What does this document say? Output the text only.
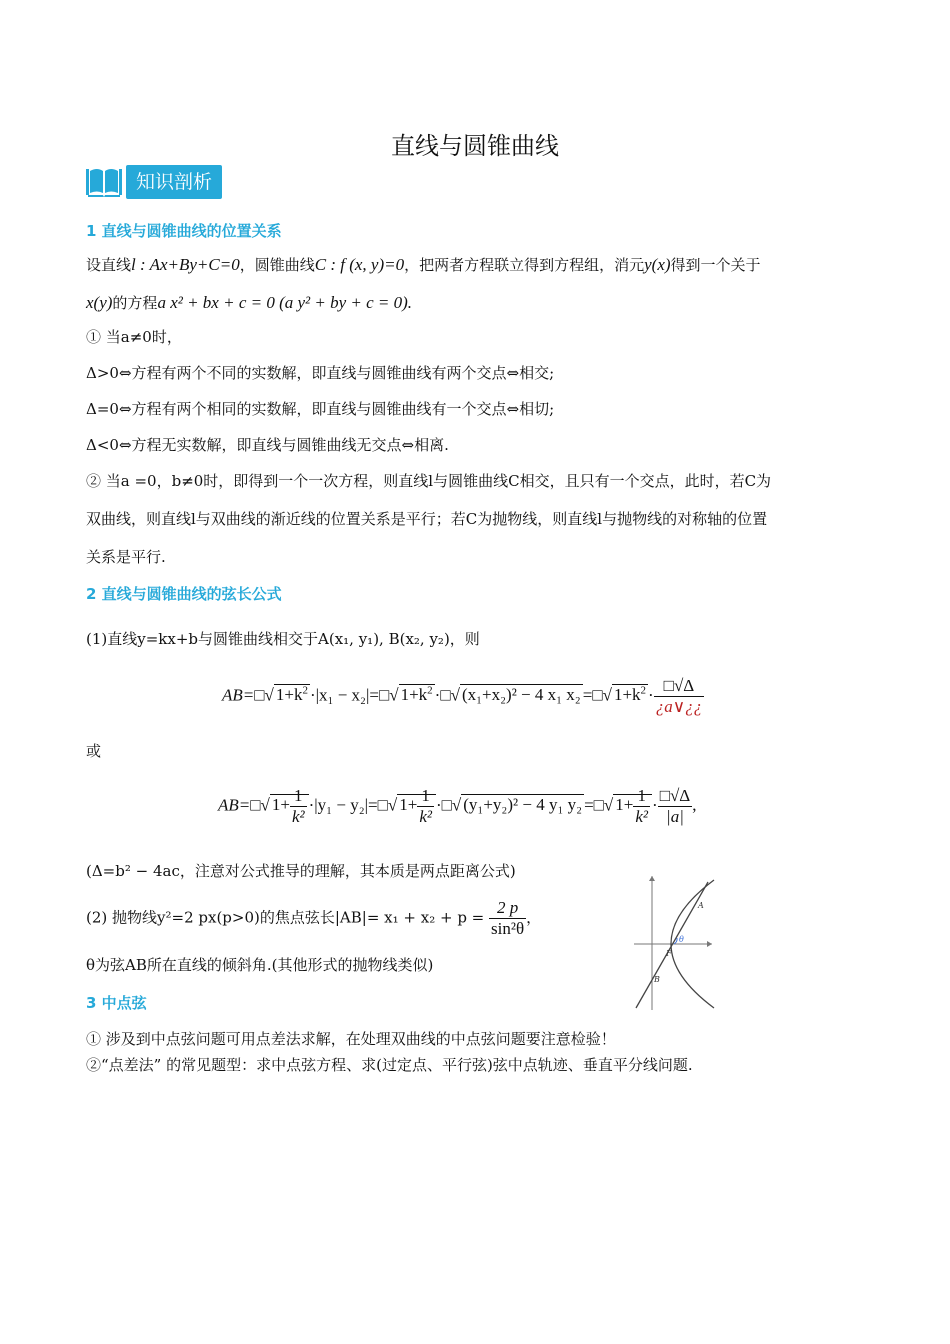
直线与圆锥曲线
知识剖析
1 直线与圆锥曲线的位置关系
设直线l : Ax+By+C=0，圆锥曲线C : f (x, y)=0，把两者方程联立得到方程组，消元y(x)得到一个关于
x(y)的方程a x² + bx + c = 0 (a y² + by + c = 0).
① 当a≠0时，
Δ>0⇔方程有两个不同的实数解，即直线与圆锥曲线有两个交点⇔相交;
Δ=0⇔方程有两个相同的实数解，即直线与圆锥曲线有一个交点⇔相切;
Δ<0⇔方程无实数解，即直线与圆锥曲线无交点⇔相离.
② 当a =0，b≠0时，即得到一个一次方程，则直线l与圆锥曲线C相交，且只有一个交点，此时，若C为
双曲线，则直线l与双曲线的渐近线的位置关系是平行；若C为抛物线，则直线l与抛物线的对称轴的位置
关系是平行.
2 直线与圆锥曲线的弦长公式
(1)直线y=kx+b与圆锥曲线相交于A(x₁, y₁), B(x₂, y₂)，则
AB=□√ $1+k^2 \cdot|x_1$ − x₂|=□√ $1+k^2$ ·□√ (x₁+x₂)² − 4 x₁ x₂ =□√ $1+k^2 \cdot \frac{□√\Delta}{¿a\vee¿¿}$
或
AB=□√ $1+ \frac{1}{\text{k²}} \cdot|y_1$ − y₂|=□√ $1+ \frac{1}{\text{k²}}$ ·□√ (y₁+y₂)² − 4 y₁ y₂ =□√ $1+ \frac{1}{\text{k²}} \cdot \frac{□√\Delta}{|a|}$ ,
(Δ=b² − 4ac，注意对公式推导的理解，其本质是两点距离公式)
(2) 抛物线y²=2 px(p>0)的焦点弦长$|AB|= x_1 + x_2 + p = \frac{2 p}{\text{sin²θ}}$ ，
θ为弦AB所在直线的倾斜角.(其他形式的抛物线类似)
A
B
F
θ
3 中点弦
① 涉及到中点弦问题可用点差法求解，在处理双曲线的中点弦问题要注意检验！
②“点差法” 的常见题型：求中点弦方程、求(过定点、平行弦)弦中点轨迹、垂直平分线问题.
